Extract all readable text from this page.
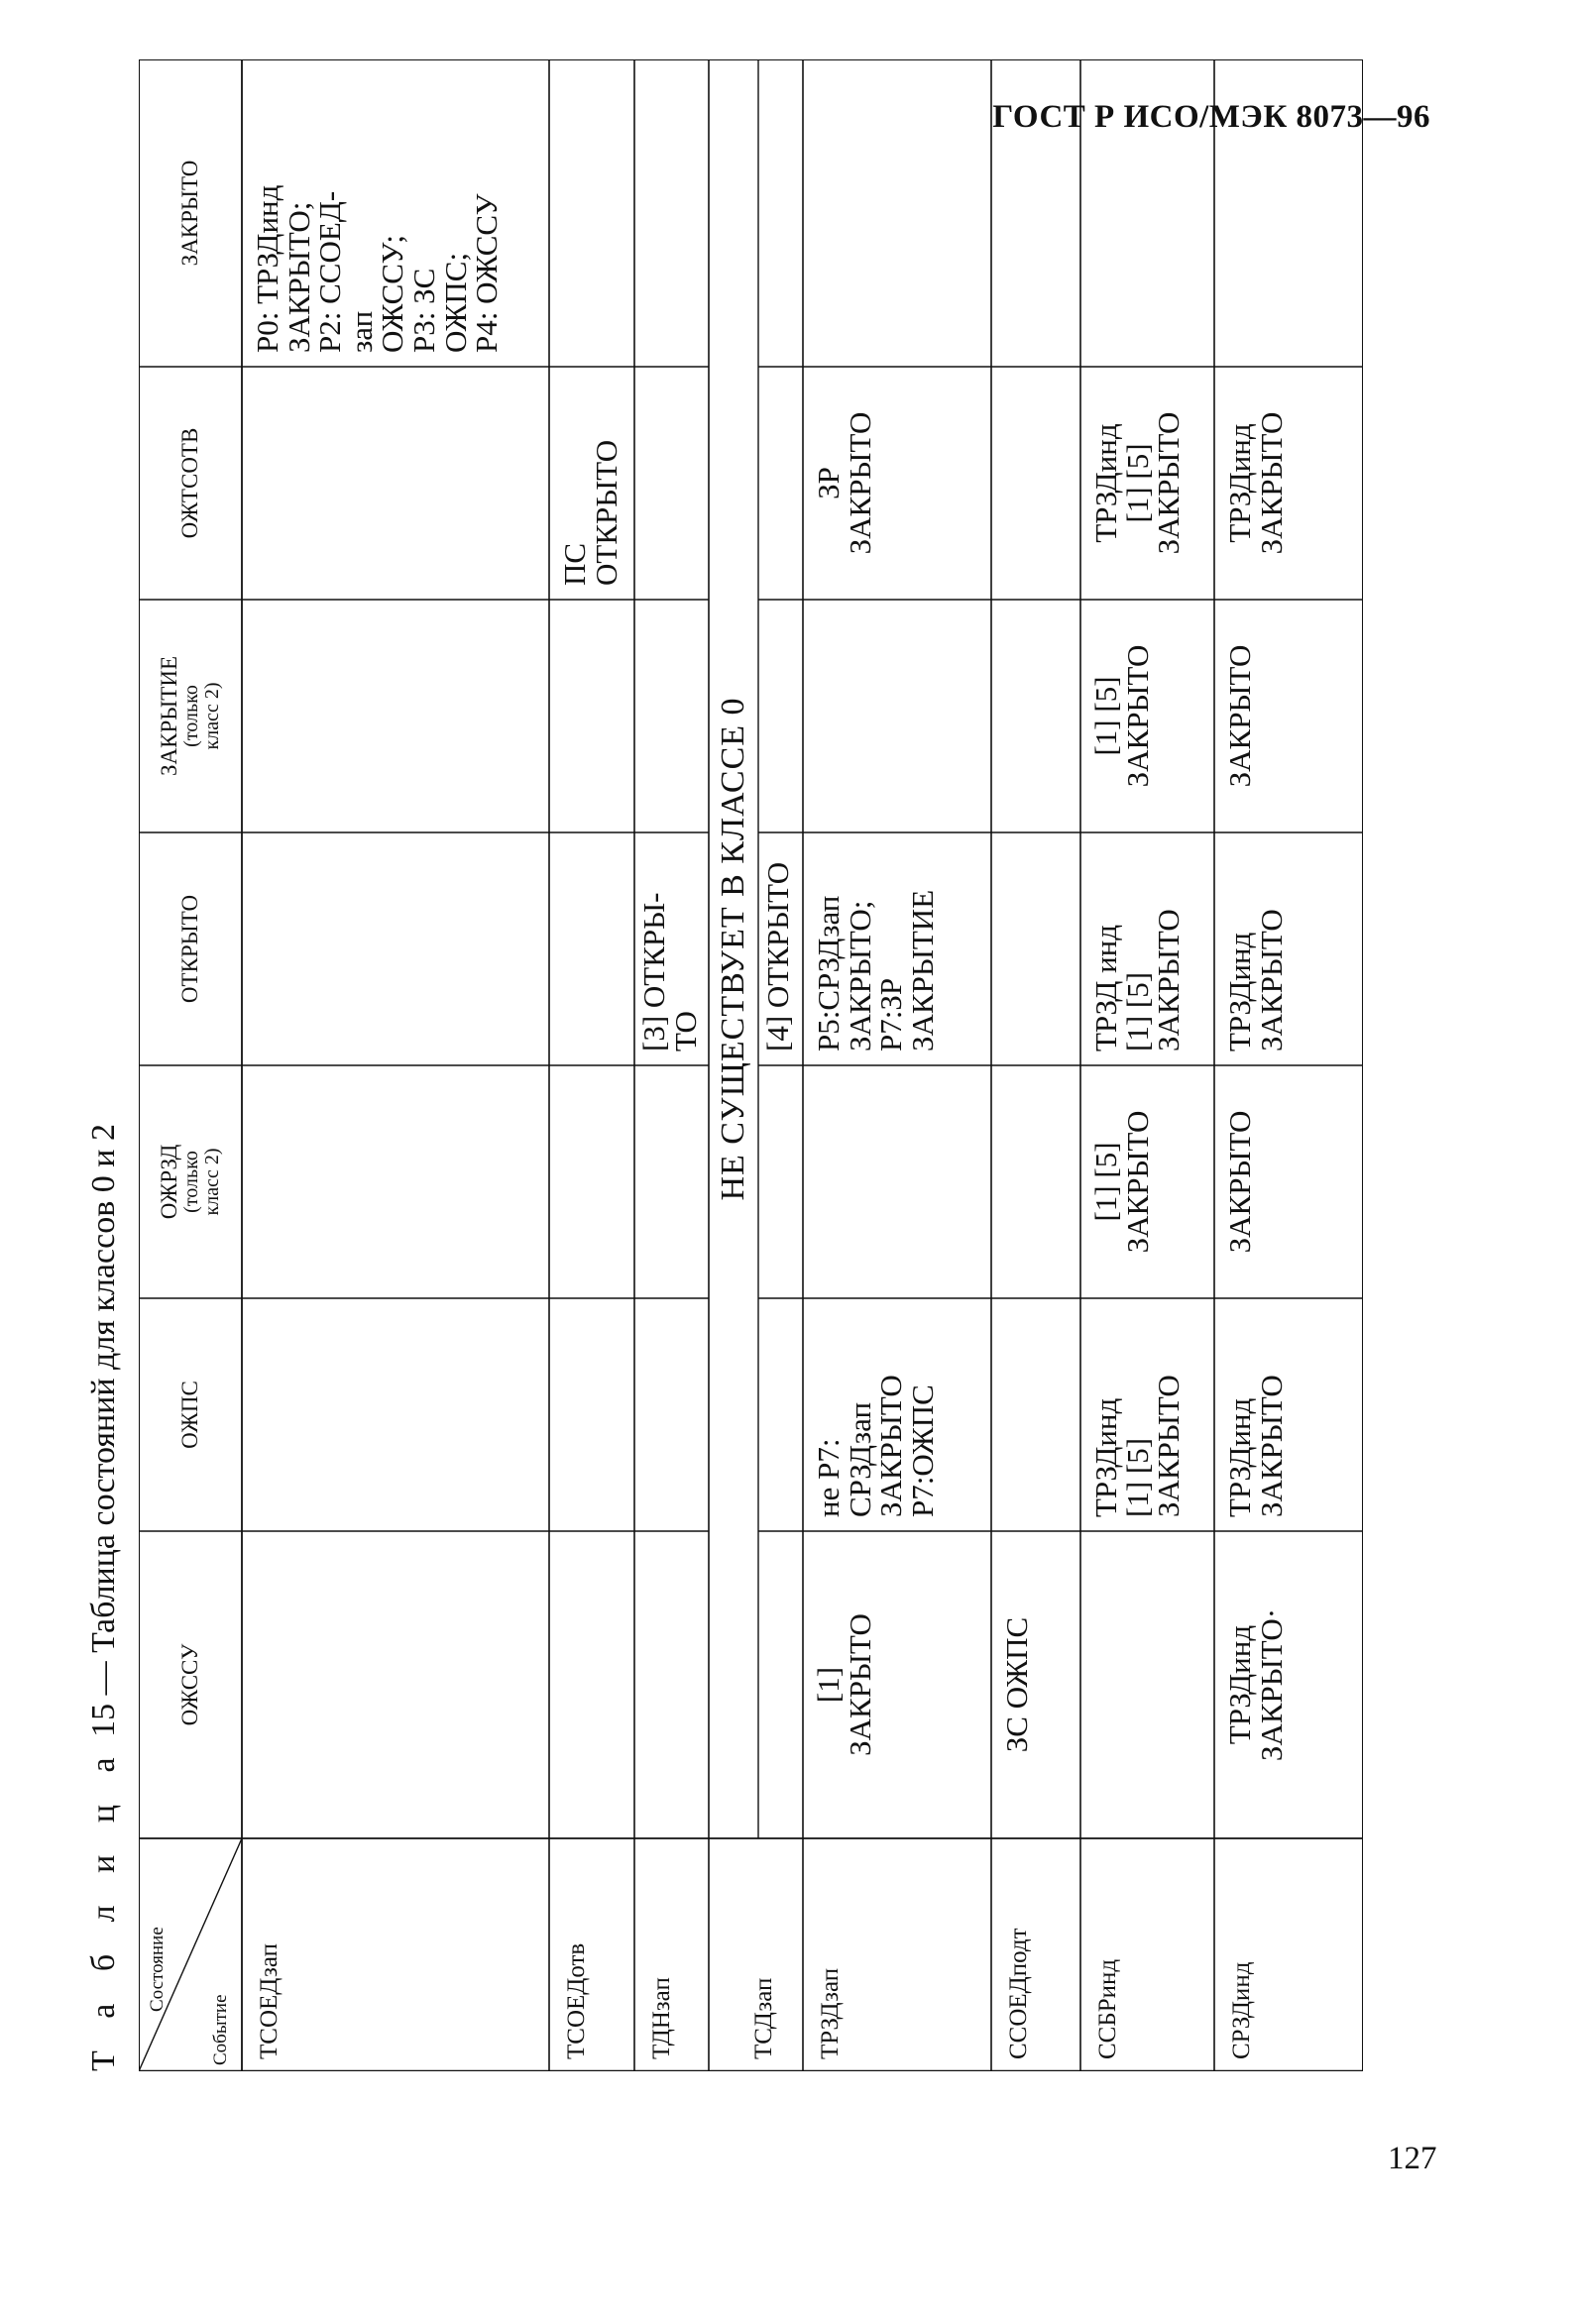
ГОСТ Р ИСО/МЭК 8073—96
Т а б л и ц а 15 — Таблица состояний для классов 0 и 2
Состояние
Событие
ОЖССУ
ОЖПС
ОЖРЗД (только
класс 2)
ОТКРЫТО
ЗАКРЫТИЕ (только
класс 2)
ОЖТСОТВ
ЗАКРЫТО
ТСОЕДзап
Р0: ТРЗДинд
ЗАКРЫТО;
Р2: ССОЕД-
зап
ОЖССУ;
Р3: ЗС
ОЖПС;
Р4: ОЖССУ
ТСОЕДотв
ПС
ОТКРЫТО
ТДНзап
[3] ОТКРЫ-
ТО
ТСДзап
НЕ СУЩЕСТВУЕТ В КЛАССЕ 0 [4] ОТКРЫТО
ТРЗДзап
[1]
ЗАКРЫТО
не Р7:
СРЗДзап
ЗАКРЫТО
Р7:ОЖПС
Р5:СРЗДзап
ЗАКРЫТО;
Р7:ЗР
ЗАКРЫТИЕ
ЗР
ЗАКРЫТО
ССОЕДподт
ЗС ОЖПС
ССБРинд
ТРЗДинд
[1] [5]
ЗАКРЫТО
[1] [5]
ЗАКРЫТО
ТРЗД инд
[1] [5]
ЗАКРЫТО
[1] [5]
ЗАКРЫТО
ТРЗДинд
[1] [5]
ЗАКРЫТО
СРЗДинд
ТРЗДинд
ЗАКРЫТО·
ТРЗДинд
ЗАКРЫТО
ЗАКРЫТО
ТРЗДинд
ЗАКРЫТО
ЗАКРЫТО
ТРЗДинд
ЗАКРЫТО
127
